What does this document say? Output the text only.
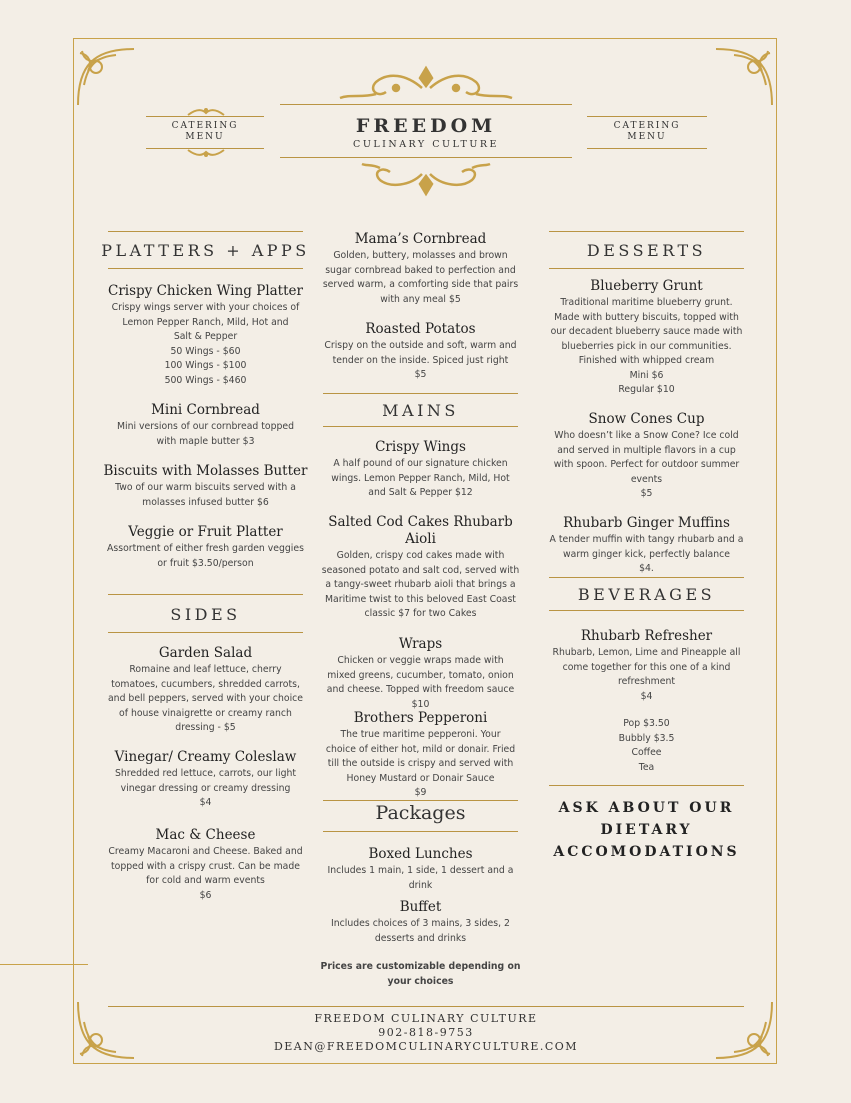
FREEDOM
CULINARY CULTURE
CATERING
MENU
CATERING
MENU
PLATTERS + APPS
Crispy Chicken Wing Platter
Crispy wings server with your choices of
Lemon Pepper Ranch, Mild, Hot and
Salt & Pepper
50 Wings - $60
100 Wings - $100
500 Wings - $460
Mini Cornbread
Mini versions of our cornbread topped
with maple butter $3
Biscuits with Molasses Butter
Two of our warm biscuits served with a
molasses infused butter $6
Veggie or Fruit Platter
Assortment of either fresh garden veggies
or fruit $3.50/person
SIDES
Garden Salad
Romaine and leaf lettuce, cherry
tomatoes, cucumbers, shredded carrots,
and bell peppers, served with your choice
of house vinaigrette or creamy ranch
dressing - $5
Vinegar/ Creamy Coleslaw
Shredded red lettuce, carrots, our light
vinegar dressing or creamy dressing
$4
Mac & Cheese
Creamy Macaroni and Cheese. Baked and
topped with a crispy crust. Can be made
for cold and warm events
$6
Mama’s Cornbread
Golden, buttery, molasses and brown
sugar cornbread baked to perfection and
served warm, a comforting side that pairs
with any meal $5
Roasted Potatos
Crispy on the outside and soft, warm and
tender on the inside. Spiced just right
$5
MAINS
Crispy Wings
A half pound of our signature chicken
wings. Lemon Pepper Ranch, Mild, Hot
and Salt & Pepper $12
Salted Cod Cakes Rhubarb
Aioli
Golden, crispy cod cakes made with
seasoned potato and salt cod, served with
a tangy-sweet rhubarb aioli that brings a
Maritime twist to this beloved East Coast
classic $7 for two Cakes
Wraps
Chicken or veggie wraps made with
mixed greens, cucumber, tomato, onion
and cheese. Topped with freedom sauce
$10
Brothers Pepperoni
The true maritime pepperoni. Your
choice of either hot, mild or donair. Fried
till the outside is crispy and served with
Honey Mustard or Donair Sauce
$9
Packages
Boxed Lunches
Includes 1 main, 1 side, 1 dessert and a
drink
Buffet
Includes choices of 3 mains, 3 sides, 2
desserts and drinks
Prices are customizable depending on
your choices
DESSERTS
Blueberry Grunt
Traditional maritime blueberry grunt.
Made with buttery biscuits, topped with
our decadent blueberry sauce made with
blueberries pick in our communities.
Finished with whipped cream
Mini $6
Regular $10
Snow Cones Cup
Who doesn’t like a Snow Cone? Ice cold
and served in multiple flavors in a cup
with spoon. Perfect for outdoor summer
events
$5
Rhubarb Ginger Muffins
A tender muffin with tangy rhubarb and a
warm ginger kick, perfectly balance
$4.
BEVERAGES
Rhubarb Refresher
Rhubarb, Lemon, Lime and Pineapple all
come together for this one of a kind
refreshment
$4
Pop $3.50
Bubbly $3.5
Coffee
Tea
ASK ABOUT OUR
DIETARY
ACCOMODATIONS
FREEDOM CULINARY CULTURE
902-818-9753
DEAN@FREEDOMCULINARYCULTURE.COM
